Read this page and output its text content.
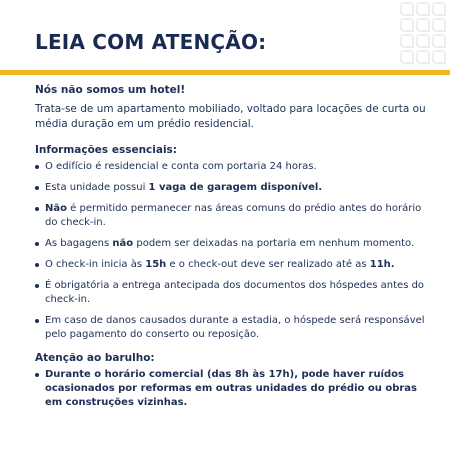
LEIA COM ATENÇÃO:

Nós não somos um hotel!

Trata-se de um apartamento mobiliado, voltado para locações de curta ou média duração em um prédio residencial.

Informações essenciais:

O edifício é residencial e conta com portaria 24 horas.
Esta unidade possui 1 vaga de garagem disponível.
Não é permitido permanecer nas áreas comuns do prédio antes do horário do check-in.
As bagagens não podem ser deixadas na portaria em nenhum momento.
O check-in inicia às 15h e o check-out deve ser realizado até as 11h.
É obrigatória a entrega antecipada dos documentos dos hóspedes antes do check-in.
Em caso de danos causados durante a estadia, o hóspede será responsável pelo pagamento do conserto ou reposição.

Atenção ao barulho:

Durante o horário comercial (das 8h às 17h), pode haver ruídos ocasionados por reformas em outras unidades do prédio ou obras em construções vizinhas.
